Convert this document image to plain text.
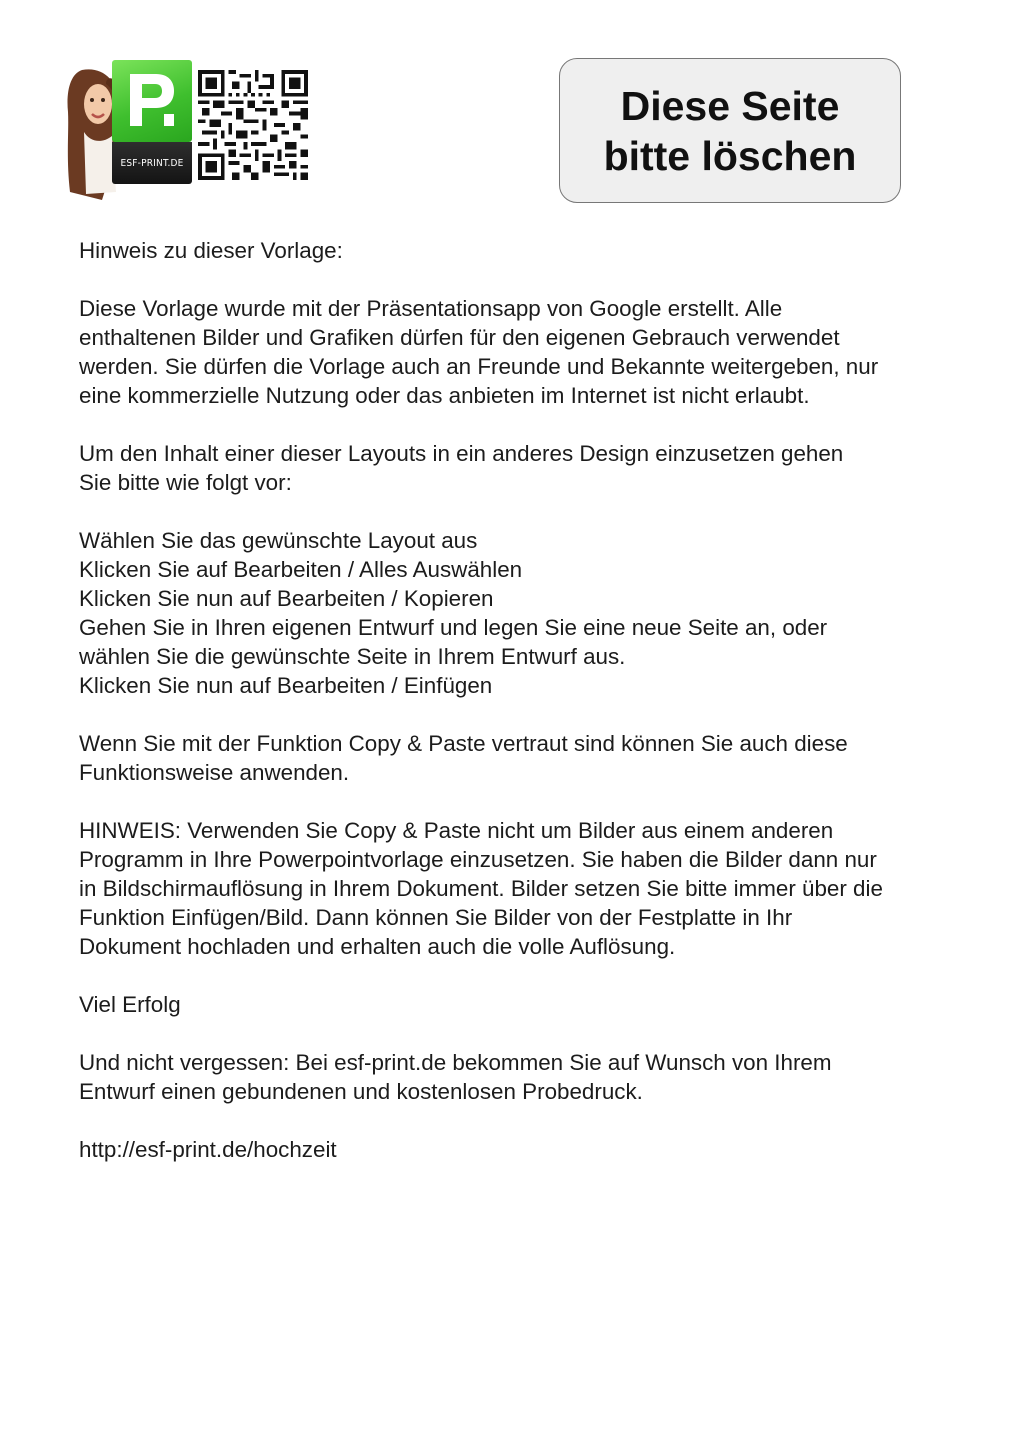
ESF-PRINT.DE
Diese Seite
bitte löschen

Hinweis zu dieser Vorlage:

Diese Vorlage wurde mit der Präsentationsapp von Google erstellt. Alle
enthaltenen Bilder und Grafiken dürfen für den eigenen Gebrauch verwendet
werden. Sie dürfen die Vorlage auch an Freunde und Bekannte weitergeben, nur
eine kommerzielle Nutzung oder das anbieten im Internet ist nicht erlaubt.

Um den Inhalt einer dieser Layouts in ein anderes Design einzusetzen gehen
Sie bitte wie folgt vor:

Wählen Sie das gewünschte Layout aus
Klicken Sie auf Bearbeiten / Alles Auswählen
Klicken Sie nun auf Bearbeiten / Kopieren
Gehen Sie in Ihren eigenen Entwurf und legen Sie eine neue Seite an, oder
wählen Sie die gewünschte Seite in Ihrem Entwurf aus.
Klicken Sie nun auf Bearbeiten / Einfügen

Wenn Sie mit der Funktion Copy & Paste vertraut sind können Sie auch diese
Funktionsweise anwenden.

HINWEIS: Verwenden Sie Copy & Paste nicht um Bilder aus einem anderen
Programm in Ihre Powerpointvorlage einzusetzen. Sie haben die Bilder dann nur
in Bildschirmauflösung in Ihrem Dokument. Bilder setzen Sie bitte immer über die
Funktion Einfügen/Bild. Dann können Sie Bilder von der Festplatte in Ihr
Dokument hochladen und erhalten auch die volle Auflösung.

Viel Erfolg

Und nicht vergessen: Bei esf-print.de bekommen Sie auf Wunsch von Ihrem
Entwurf einen gebundenen und kostenlosen Probedruck.

http://esf-print.de/hochzeit
